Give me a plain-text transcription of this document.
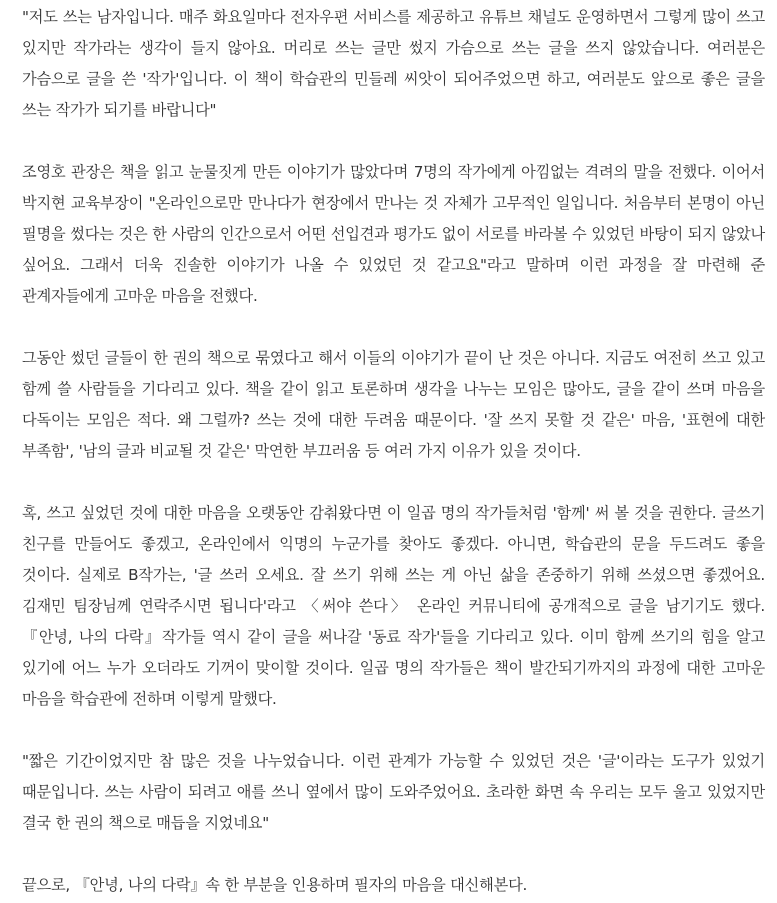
"저도 쓰는 남자입니다. 매주 화요일마다 전자우편 서비스를 제공하고 유튜브 채널도 운영하면서 그렇게 많이 쓰고 있지만 작가라는 생각이 들지 않아요. 머리로 쓰는 글만 썼지 가슴으로 쓰는 글을 쓰지 않았습니다. 여러분은 가슴으로 글을 쓴 '작가'입니다. 이 책이 학습관의 민들레 씨앗이 되어주었으면 하고, 여러분도 앞으로 좋은 글을 쓰는 작가가 되기를 바랍니다"

조영호 관장은 책을 읽고 눈물짓게 만든 이야기가 많았다며 7명의 작가에게 아낌없는 격려의 말을 전했다. 이어서 박지현 교육부장이 "온라인으로만 만나다가 현장에서 만나는 것 자체가 고무적인 일입니다. 처음부터 본명이 아닌 필명을 썼다는 것은 한 사람의 인간으로서 어떤 선입견과 평가도 없이 서로를 바라볼 수 있었던 바탕이 되지 않았나 싶어요. 그래서 더욱 진솔한 이야기가 나올 수 있었던 것 같고요"라고 말하며 이런 과정을 잘 마련해 준 관계자들에게 고마운 마음을 전했다.

그동안 썼던 글들이 한 권의 책으로 묶였다고 해서 이들의 이야기가 끝이 난 것은 아니다. 지금도 여전히 쓰고 있고 함께 쓸 사람들을 기다리고 있다. 책을 같이 읽고 토론하며 생각을 나누는 모임은 많아도, 글을 같이 쓰며 마음을 다독이는 모임은 적다. 왜 그럴까? 쓰는 것에 대한 두려움 때문이다. '잘 쓰지 못할 것 같은' 마음, '표현에 대한 부족함', '남의 글과 비교될 것 같은' 막연한 부끄러움 등 여러 가지 이유가 있을 것이다.

혹, 쓰고 싶었던 것에 대한 마음을 오랫동안 감춰왔다면 이 일곱 명의 작가들처럼 '함께' 써 볼 것을 권한다. 글쓰기 친구를 만들어도 좋겠고, 온라인에서 익명의 누군가를 찾아도 좋겠다. 아니면, 학습관의 문을 두드려도 좋을 것이다. 실제로 B작가는, '글 쓰러 오세요. 잘 쓰기 위해 쓰는 게 아닌 삶을 존중하기 위해 쓰셨으면 좋겠어요. 김재민 팀장님께 연락주시면 됩니다'라고 〈써야 쓴다〉 온라인 커뮤니티에 공개적으로 글을 남기기도 했다. 『안녕, 나의 다락』작가들 역시 같이 글을 써나갈 '동료 작가'들을 기다리고 있다. 이미 함께 쓰기의 힘을 알고 있기에 어느 누가 오더라도 기꺼이 맞이할 것이다. 일곱 명의 작가들은 책이 발간되기까지의 과정에 대한 고마운 마음을 학습관에 전하며 이렇게 말했다.

"짧은 기간이었지만 참 많은 것을 나누었습니다. 이런 관계가 가능할 수 있었던 것은 '글'이라는 도구가 있었기 때문입니다. 쓰는 사람이 되려고 애를 쓰니 옆에서 많이 도와주었어요. 초라한 화면 속 우리는 모두 울고 있었지만 결국 한 권의 책으로 매듭을 지었네요"

끝으로, 『안녕, 나의 다락』속 한 부분을 인용하며 필자의 마음을 대신해본다.
